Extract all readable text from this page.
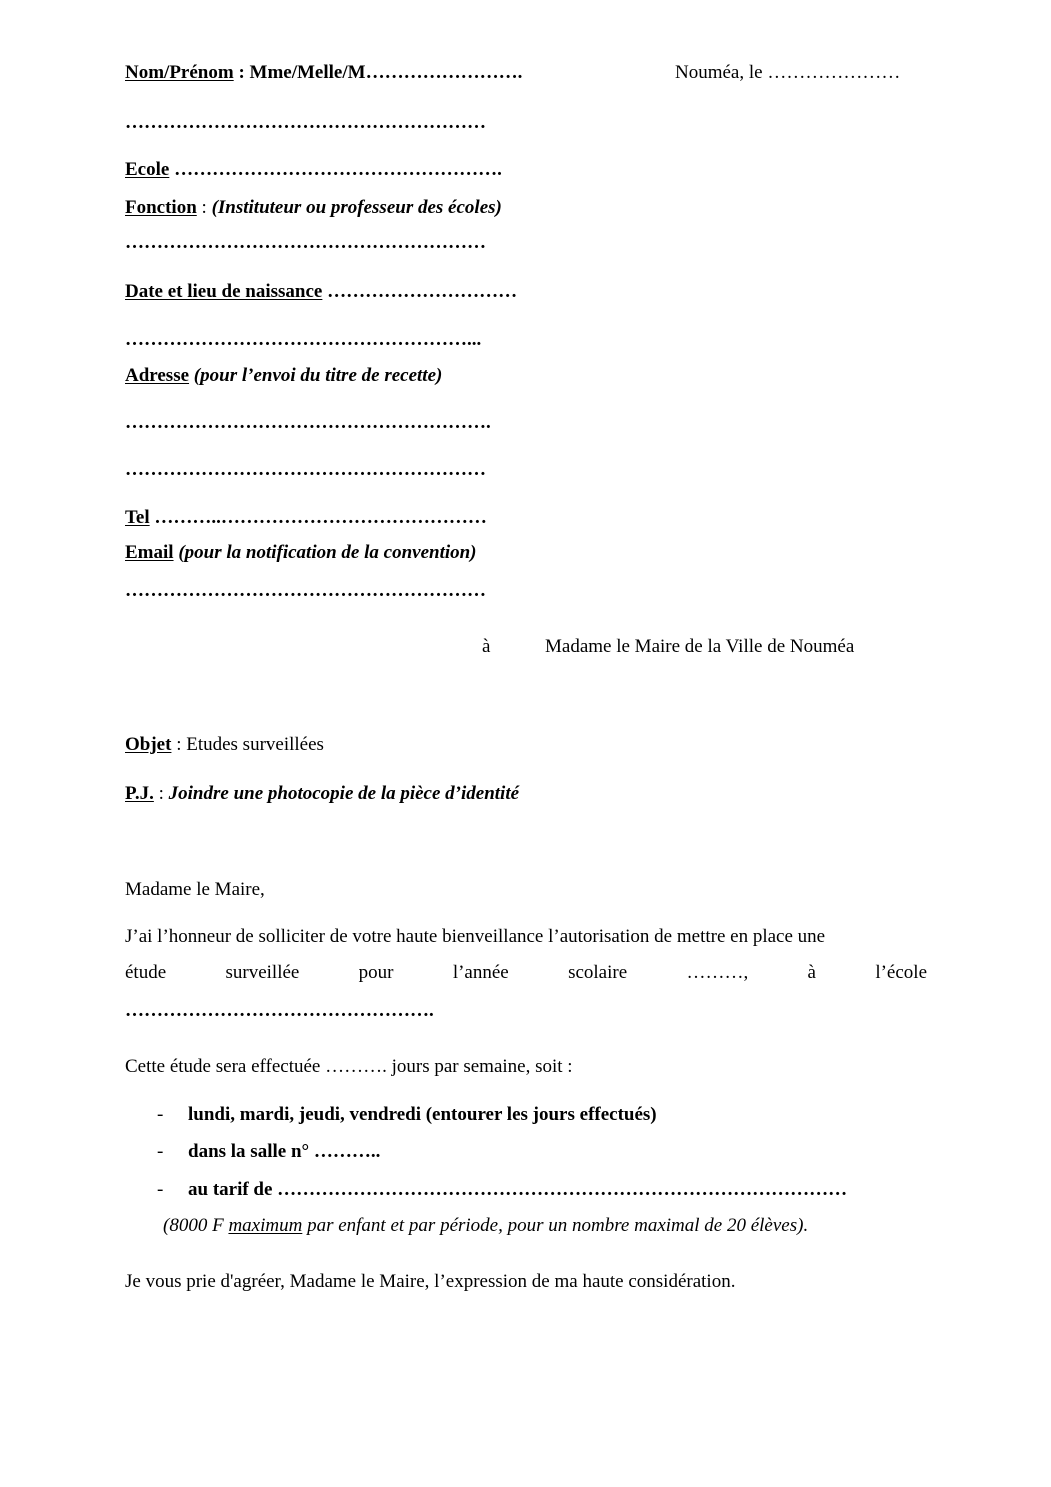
Nom/Prénom : Mme/Melle/M…………………….	Nouméa, le …………………
…………………………………………………
Ecole …………………………………………….
Fonction : (Instituteur ou professeur des écoles)
…………………………………………………
Date et lieu de naissance …………………………
………………………………………………...
Adresse (pour l’envoi du titre de recette)
………………………………………………….
…………………………………………………
Tel ………..……………………………………
Email (pour la notification de la convention)
…………………………………………………
à	Madame le Maire de la Ville de Nouméa
Objet : Etudes surveillées
P.J. : Joindre une photocopie de la pièce d’identité
Madame le Maire,
J’ai l’honneur de solliciter de votre haute bienveillance l’autorisation de mettre en place une
étude	surveillée	pour	l’année	scolaire	………,	à	l’école
………………………………………….
Cette étude sera effectuée ………. jours par semaine, soit :
- lundi, mardi, jeudi, vendredi (entourer les jours effectués)
- dans la salle n° ………..
- au tarif de ………………………………………………………………………………
(8000 F maximum par enfant et par période, pour un nombre maximal de 20 élèves).
Je vous prie d'agréer, Madame le Maire, l’expression de ma haute considération.
